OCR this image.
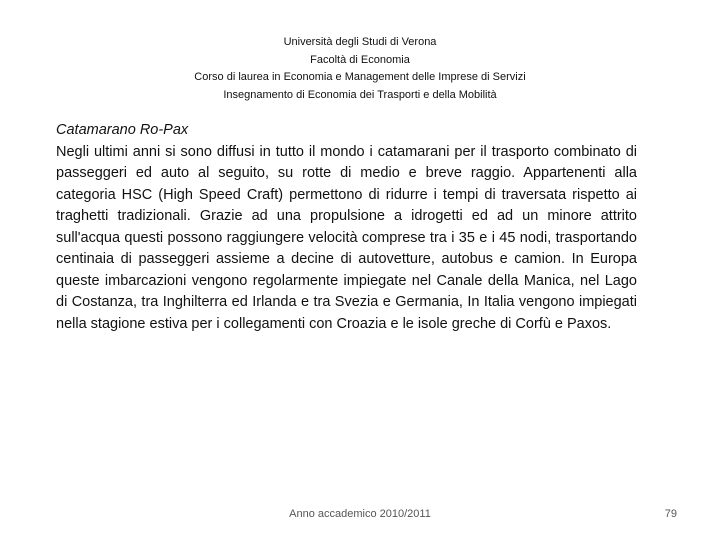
Università degli Studi di Verona
Facoltà di Economia
Corso di laurea in Economia e Management delle Imprese di Servizi
Insegnamento di Economia dei Trasporti e della Mobilità
Catamarano Ro-Pax

Negli ultimi anni si sono diffusi in tutto il mondo i catamarani per il trasporto combinato di passeggeri ed auto al seguito, su rotte di medio e breve raggio. Appartenenti alla categoria HSC (High Speed Craft) permettono di ridurre i tempi di traversata rispetto ai traghetti tradizionali. Grazie ad una propulsione a idrogetti ed ad un minore attrito sull'acqua questi possono raggiungere velocità comprese tra i 35 e i 45 nodi, trasportando centinaia di passeggeri assieme a decine di autovetture, autobus e camion. In Europa queste imbarcazioni vengono regolarmente impiegate nel Canale della Manica, nel Lago di Costanza, tra Inghilterra ed Irlanda e tra Svezia e Germania, In Italia vengono impiegati nella stagione estiva per i collegamenti con Croazia e le isole greche di Corfù e Paxos.

Anno accademico 2010/2011	79
